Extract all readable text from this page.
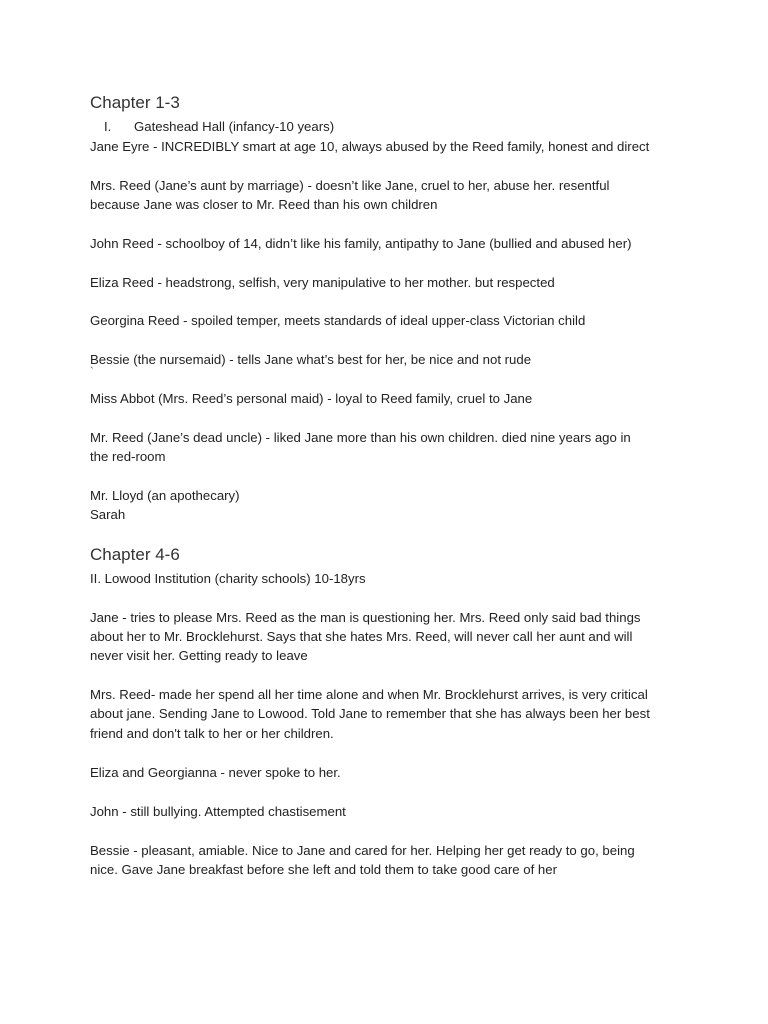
Chapter 1-3
I. Gateshead Hall (infancy-10 years)
Jane Eyre - INCREDIBLY smart at age 10, always abused by the Reed family, honest and direct
Mrs. Reed (Jane’s aunt by marriage) - doesn’t like Jane, cruel to her, abuse her. resentful
because Jane was closer to Mr. Reed than his own children
John Reed - schoolboy of 14, didn’t like his family, antipathy to Jane (bullied and abused her)
Eliza Reed - headstrong, selfish, very manipulative to her mother. but respected
Georgina Reed - spoiled temper, meets standards of ideal upper-class Victorian child
Bessie (the nursemaid) - tells Jane what’s best for her, be nice and not rude
`
Miss Abbot (Mrs. Reed’s personal maid) - loyal to Reed family, cruel to Jane
Mr. Reed (Jane’s dead uncle) - liked Jane more than his own children. died nine years ago in
the red-room
Mr. Lloyd (an apothecary)
Sarah
Chapter 4-6
II. Lowood Institution (charity schools) 10-18yrs
Jane - tries to please Mrs. Reed as the man is questioning her. Mrs. Reed only said bad things
about her to Mr. Brocklehurst. Says that she hates Mrs. Reed, will never call her aunt and will
never visit her. Getting ready to leave
Mrs. Reed- made her spend all her time alone and when Mr. Brocklehurst arrives, is very critical
about jane. Sending Jane to Lowood. Told Jane to remember that she has always been her best
friend and don't talk to her or her children.
Eliza and Georgianna - never spoke to her.
John - still bullying. Attempted chastisement
Bessie - pleasant, amiable. Nice to Jane and cared for her. Helping her get ready to go, being
nice. Gave Jane breakfast before she left and told them to take good care of her
